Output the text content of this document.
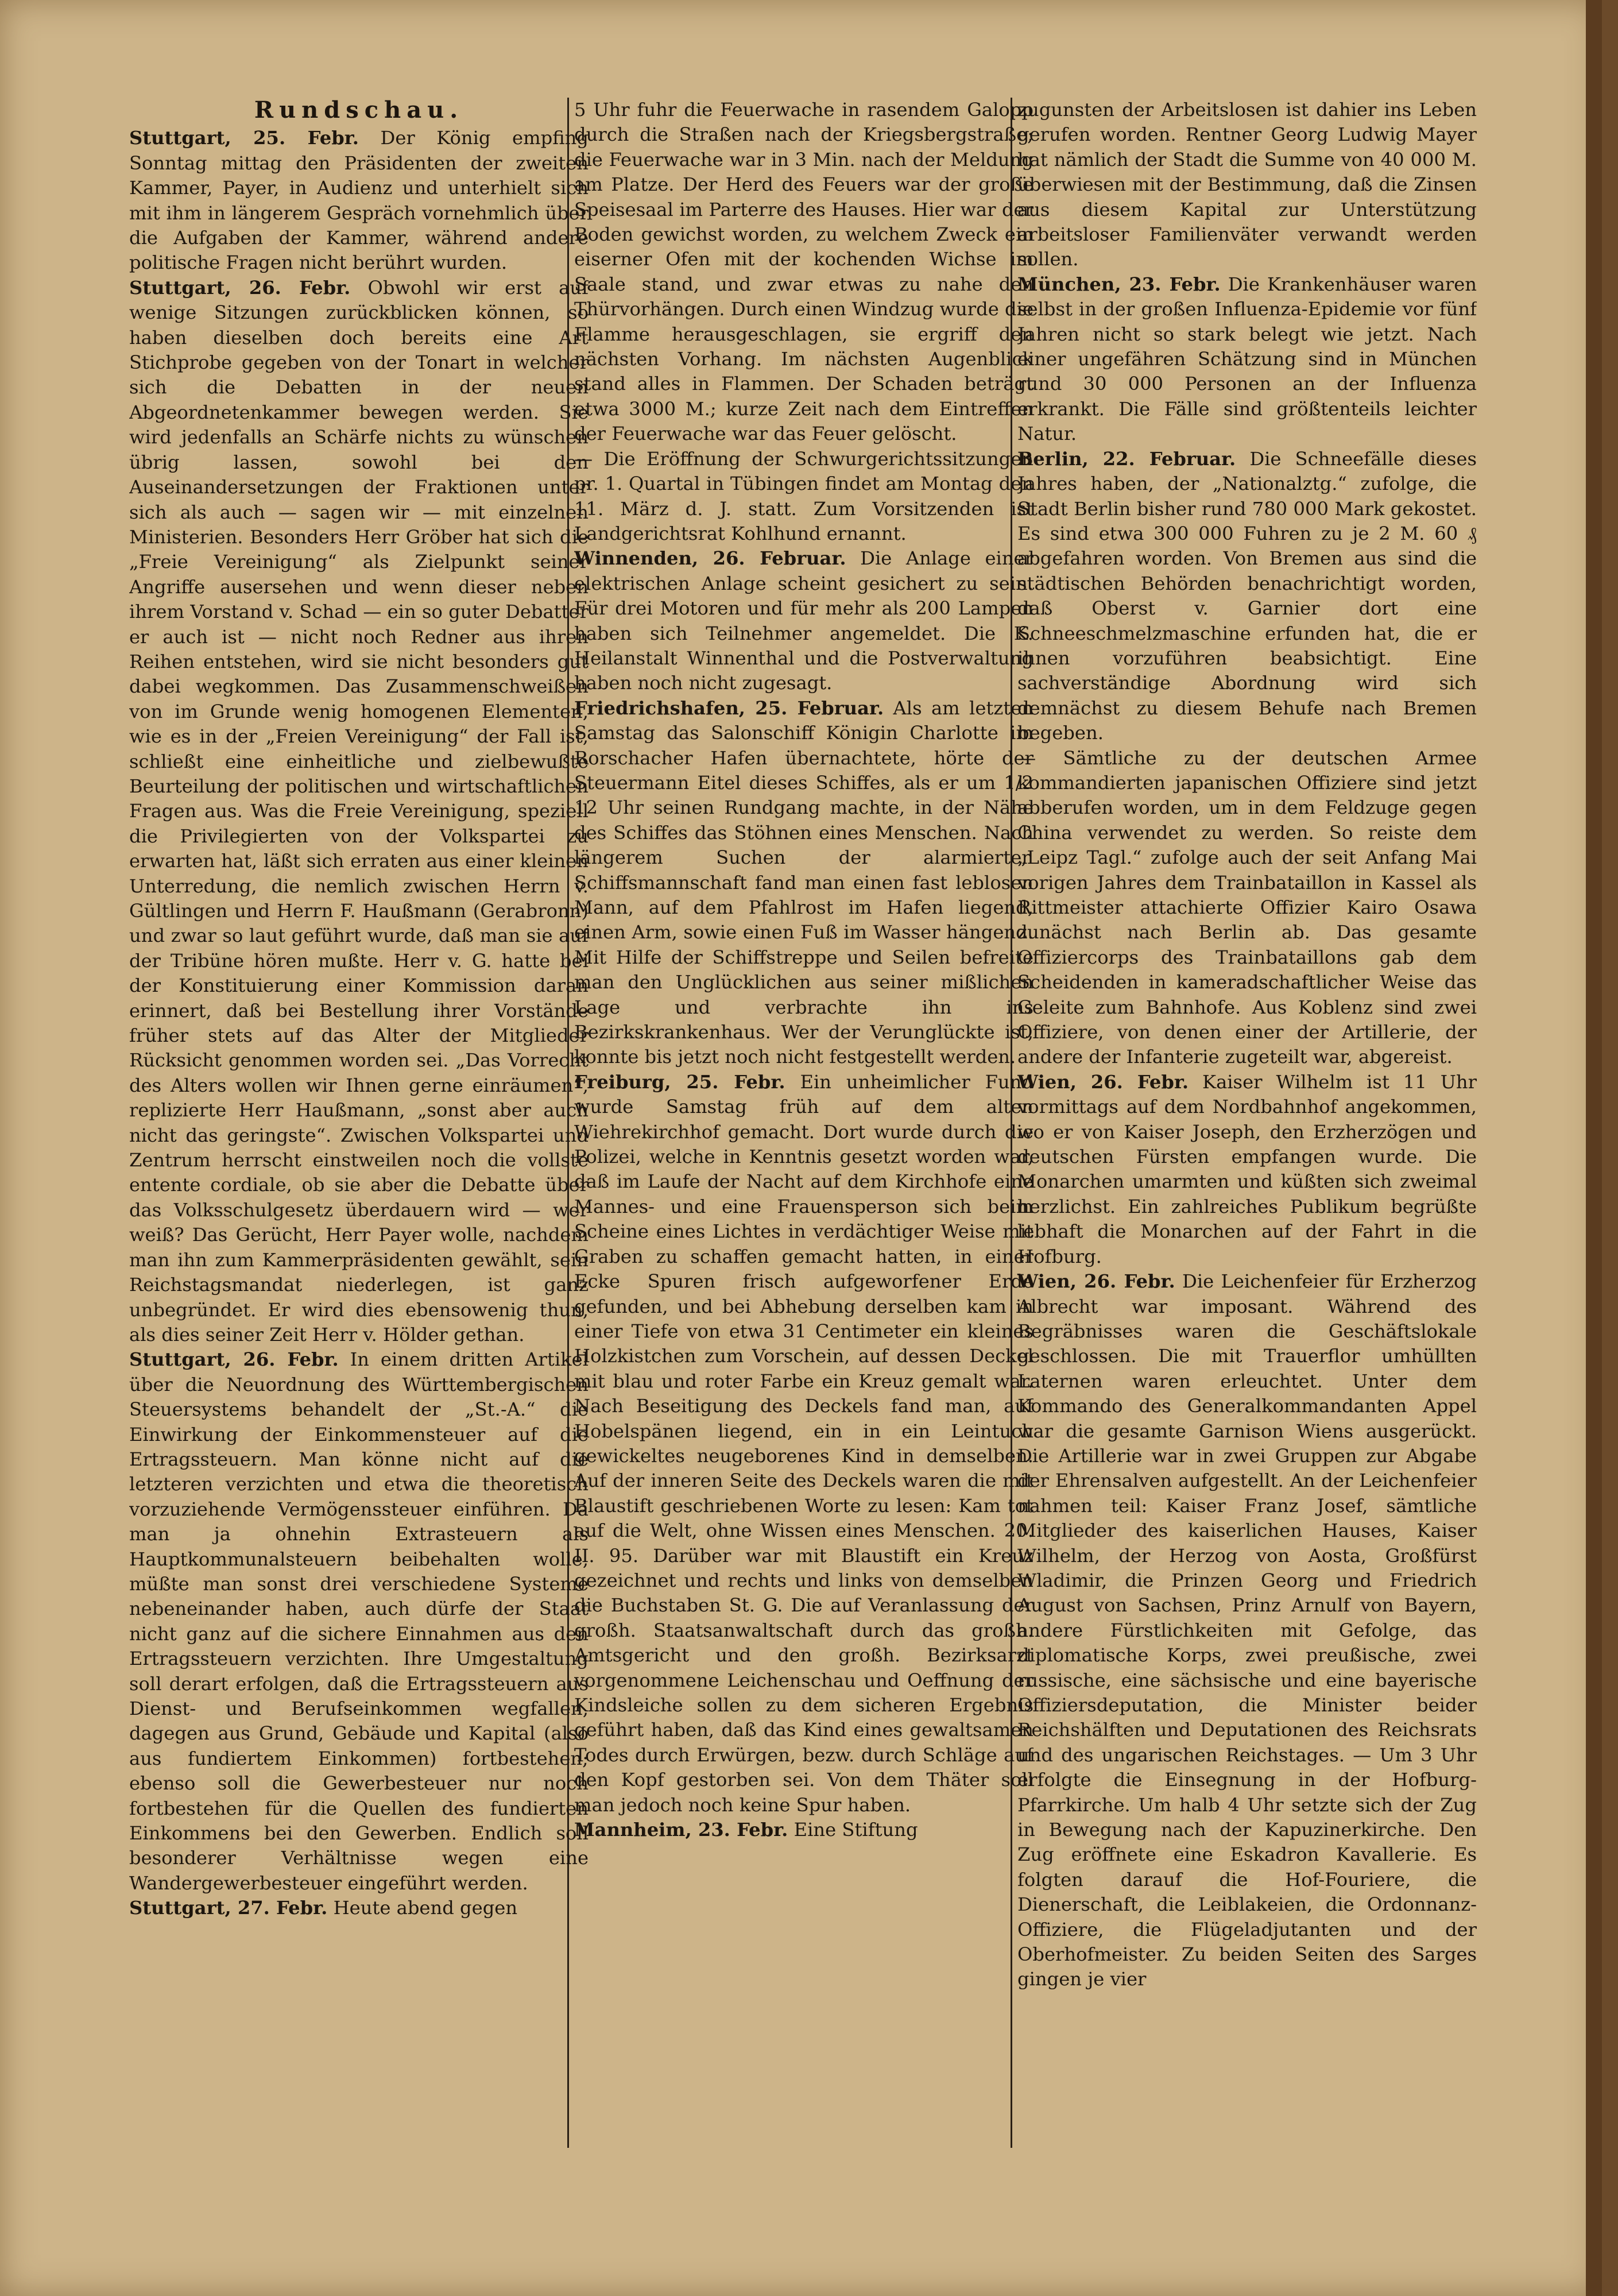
Rundschau.

Stuttgart, 25. Febr. Der König empfing Sonntag mittag den Präsidenten der zweiten Kammer, Payer, in Audienz und unterhielt sich mit ihm in längerem Gespräch vornehmlich über die Aufgaben der Kammer, während andere politische Fragen nicht berührt wurden.

Stuttgart, 26. Febr. Obwohl wir erst auf wenige Sitzungen zurückblicken können, so haben dieselben doch bereits eine Art Stichprobe gegeben von der Tonart in welcher sich die Debatten in der neuen Abgeordnetenkammer bewegen werden. Sie wird jedenfalls an Schärfe nichts zu wünschen übrig lassen, sowohl bei den Auseinandersetzungen der Fraktionen unter sich als auch — sagen wir — mit einzelnen Ministerien. Besonders Herr Gröber hat sich die „Freie Vereinigung“ als Zielpunkt seiner Angriffe ausersehen und wenn dieser neben ihrem Vorstand v. Schad — ein so guter Debatter er auch ist — nicht noch Redner aus ihren Reihen entstehen, wird sie nicht besonders gut dabei wegkommen. Das Zusammenschweißen von im Grunde wenig homogenen Elementen, wie es in der „Freien Vereinigung“ der Fall ist, schließt eine einheitliche und zielbewußte Beurteilung der politischen und wirtschaftlichen Fragen aus. Was die Freie Vereinigung, speziell die Privilegierten von der Volkspartei zu erwarten hat, läßt sich erraten aus einer kleinen Unterredung, die nemlich zwischen Herrn v. Gültlingen und Herrn F. Haußmann (Gerabronn) und zwar so laut geführt wurde, daß man sie auf der Tribüne hören mußte. Herr v. G. hatte bei der Konstituierung einer Kommission daran erinnert, daß bei Bestellung ihrer Vorstände früher stets auf das Alter der Mitglieder Rücksicht genommen worden sei. „Das Vorrecht des Alters wollen wir Ihnen gerne einräumen“, replizierte Herr Haußmann, „sonst aber auch nicht das geringste“. Zwischen Volkspartei und Zentrum herrscht einstweilen noch die vollste entente cordiale, ob sie aber die Debatte über das Volksschulgesetz überdauern wird — wer weiß? Das Gerücht, Herr Payer wolle, nachdem man ihn zum Kammerpräsidenten gewählt, sein Reichstagsmandat niederlegen, ist ganz unbegründet. Er wird dies ebensowenig thun, als dies seiner Zeit Herr v. Hölder gethan.

Stuttgart, 26. Febr. In einem dritten Artikel über die Neuordnung des Württembergischen Steuersystems behandelt der „St.-A.“ die Einwirkung der Einkommensteuer auf die Ertragssteuern. Man könne nicht auf die letzteren verzichten und etwa die theoretisch vorzuziehende Vermögenssteuer einführen. Da man ja ohnehin Extrasteuern als Hauptkommunalsteuern beibehalten wolle, müßte man sonst drei verschiedene Systeme nebeneinander haben, auch dürfe der Staat nicht ganz auf die sichere Einnahmen aus den Ertragssteuern verzichten. Ihre Umgestaltung soll derart erfolgen, daß die Ertragssteuern aus Dienst- und Berufseinkommen wegfallen, dagegen aus Grund, Gebäude und Kapital (also aus fundiertem Einkommen) fortbestehen; ebenso soll die Gewerbesteuer nur noch fortbestehen für die Quellen des fundierten Einkommens bei den Gewerben. Endlich soll besonderer Verhältnisse wegen eine Wandergewerbesteuer eingeführt werden.

Stuttgart, 27. Febr. Heute abend gegen

5 Uhr fuhr die Feuerwache in rasendem Galopp durch die Straßen nach der Kriegsbergstraße; die Feuerwache war in 3 Min. nach der Meldung am Platze. Der Herd des Feuers war der große Speisesaal im Parterre des Hauses. Hier war der Boden gewichst worden, zu welchem Zweck ein eiserner Ofen mit der kochenden Wichse im Saale stand, und zwar etwas zu nahe den Thürvorhängen. Durch einen Windzug wurde die Flamme herausgeschlagen, sie ergriff den nächsten Vorhang. Im nächsten Augenblick stand alles in Flammen. Der Schaden beträgt etwa 3000 M.; kurze Zeit nach dem Eintreffen der Feuerwache war das Feuer gelöscht.

— Die Eröffnung der Schwurgerichtssitzungen pr. 1. Quartal in Tübingen findet am Montag den 11. März d. J. statt. Zum Vorsitzenden ist Landgerichtsrat Kohlhund ernannt.

Winnenden, 26. Februar. Die Anlage einer elektrischen Anlage scheint gesichert zu sein. Für drei Motoren und für mehr als 200 Lampen haben sich Teilnehmer angemeldet. Die K. Heilanstalt Winnenthal und die Postverwaltung haben noch nicht zugesagt.

Friedrichshafen, 25. Februar. Als am letzten Samstag das Salonschiff Königin Charlotte im Rorschacher Hafen übernachtete, hörte der Steuermann Eitel dieses Schiffes, als er um 1/2 12 Uhr seinen Rundgang machte, in der Nähe des Schiffes das Stöhnen eines Menschen. Nach längerem Suchen der alarmierten Schiffsmannschaft fand man einen fast leblosen Mann, auf dem Pfahlrost im Hafen liegend, einen Arm, sowie einen Fuß im Wasser hängend. Mit Hilfe der Schiffstreppe und Seilen befreite man den Unglücklichen aus seiner mißlichen Lage und verbrachte ihn ins Bezirkskrankenhaus. Wer der Verunglückte ist, konnte bis jetzt noch nicht festgestellt werden.

Freiburg, 25. Febr. Ein unheimlicher Fund wurde Samstag früh auf dem alten Wiehrekirchhof gemacht. Dort wurde durch die Polizei, welche in Kenntnis gesetzt worden war, daß im Laufe der Nacht auf dem Kirchhofe eine Mannes- und eine Frauensperson sich beim Scheine eines Lichtes in verdächtiger Weise mit Graben zu schaffen gemacht hatten, in einer Ecke Spuren frisch aufgeworfener Erde gefunden, und bei Abhebung derselben kam in einer Tiefe von etwa 31 Centimeter ein kleines Holzkistchen zum Vorschein, auf dessen Deckel mit blau und roter Farbe ein Kreuz gemalt war. Nach Beseitigung des Deckels fand man, auf Hobelspänen liegend, ein in ein Leintuch gewickeltes neugeborenes Kind in demselben. Auf der inneren Seite des Deckels waren die mit Blaustift geschriebenen Worte zu lesen: Kam tot auf die Welt, ohne Wissen eines Menschen. 20. II. 95. Darüber war mit Blaustift ein Kreuz gezeichnet und rechts und links von demselben die Buchstaben St. G. Die auf Veranlassung der großh. Staatsanwaltschaft durch das großh. Amtsgericht und den großh. Bezirksarzt vorgenommene Leichenschau und Oeffnung der Kindsleiche sollen zu dem sicheren Ergebnis geführt haben, daß das Kind eines gewaltsamen Todes durch Erwürgen, bezw. durch Schläge auf den Kopf gestorben sei. Von dem Thäter soll man jedoch noch keine Spur haben.

Mannheim, 23. Febr. Eine Stiftung

zugunsten der Arbeitslosen ist dahier ins Leben gerufen worden. Rentner Georg Ludwig Mayer hat nämlich der Stadt die Summe von 40 000 M. überwiesen mit der Bestimmung, daß die Zinsen aus diesem Kapital zur Unterstützung arbeitsloser Familienväter verwandt werden sollen.

München, 23. Febr. Die Krankenhäuser waren selbst in der großen Influenza-Epidemie vor fünf Jahren nicht so stark belegt wie jetzt. Nach einer ungefähren Schätzung sind in München rund 30 000 Personen an der Influenza erkrankt. Die Fälle sind größtenteils leichter Natur.

Berlin, 22. Februar. Die Schneefälle dieses Jahres haben, der „Nationalztg.“ zufolge, die Stadt Berlin bisher rund 780 000 Mark gekostet. Es sind etwa 300 000 Fuhren zu je 2 M. 60 ₰ abgefahren worden. Von Bremen aus sind die städtischen Behörden benachrichtigt worden, daß Oberst v. Garnier dort eine Schneeschmelzmaschine erfunden hat, die er ihnen vorzuführen beabsichtigt. Eine sachverständige Abordnung wird sich demnächst zu diesem Behufe nach Bremen begeben.

— Sämtliche zu der deutschen Armee kommandierten japanischen Offiziere sind jetzt abberufen worden, um in dem Feldzuge gegen China verwendet zu werden. So reiste dem „Leipz Tagl.“ zufolge auch der seit Anfang Mai vorigen Jahres dem Trainbataillon in Kassel als Rittmeister attachierte Offizier Kairo Osawa zunächst nach Berlin ab. Das gesamte Offiziercorps des Trainbataillons gab dem Scheidenden in kameradschaftlicher Weise das Geleite zum Bahnhofe. Aus Koblenz sind zwei Offiziere, von denen einer der Artillerie, der andere der Infanterie zugeteilt war, abgereist.

Wien, 26. Febr. Kaiser Wilhelm ist 11 Uhr vormittags auf dem Nordbahnhof angekommen, wo er von Kaiser Joseph, den Erzherzögen und deutschen Fürsten empfangen wurde. Die Monarchen umarmten und küßten sich zweimal herzlichst. Ein zahlreiches Publikum begrüßte lebhaft die Monarchen auf der Fahrt in die Hofburg.

Wien, 26. Febr. Die Leichenfeier für Erzherzog Albrecht war imposant. Während des Begräbnisses waren die Geschäftslokale geschlossen. Die mit Trauerflor umhüllten Laternen waren erleuchtet. Unter dem Kommando des Generalkommandanten Appel war die gesamte Garnison Wiens ausgerückt. Die Artillerie war in zwei Gruppen zur Abgabe der Ehrensalven aufgestellt. An der Leichenfeier nahmen teil: Kaiser Franz Josef, sämtliche Mitglieder des kaiserlichen Hauses, Kaiser Wilhelm, der Herzog von Aosta, Großfürst Wladimir, die Prinzen Georg und Friedrich August von Sachsen, Prinz Arnulf von Bayern, andere Fürstlichkeiten mit Gefolge, das diplomatische Korps, zwei preußische, zwei russische, eine sächsische und eine bayerische Offiziersdeputation, die Minister beider Reichshälften und Deputationen des Reichsrats und des ungarischen Reichstages. — Um 3 Uhr erfolgte die Einsegnung in der Hofburg-Pfarrkirche. Um halb 4 Uhr setzte sich der Zug in Bewegung nach der Kapuzinerkirche. Den Zug eröffnete eine Eskadron Kavallerie. Es folgten darauf die Hof-Fouriere, die Dienerschaft, die Leiblakeien, die Ordonnanz-Offiziere, die Flügeladjutanten und der Oberhofmeister. Zu beiden Seiten des Sarges gingen je vier
